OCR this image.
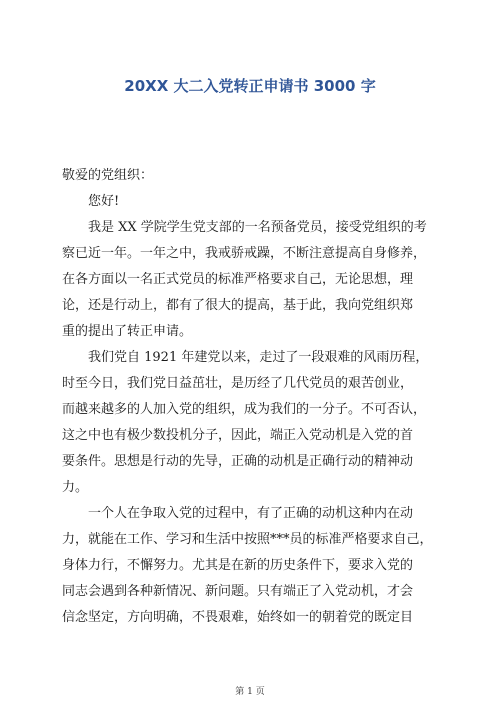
20XX 大二入党转正申请书 3000 字
敬爱的党组织：
您好!
我是 XX 学院学生党支部的一名预备党员，接受党组织的考
察已近一年。一年之中，我戒骄戒躁，不断注意提高自身修养，
在各方面以一名正式党员的标准严格要求自己，无论思想，理
论，还是行动上，都有了很大的提高，基于此，我向党组织郑
重的提出了转正申请。
我们党自 1921 年建党以来，走过了一段艰难的风雨历程，
时至今日，我们党日益茁壮，是历经了几代党员的艰苦创业，
而越来越多的人加入党的组织，成为我们的一分子。不可否认，
这之中也有极少数投机分子，因此，端正入党动机是入党的首
要条件。思想是行动的先导，正确的动机是正确行动的精神动
力。
一个人在争取入党的过程中，有了正确的动机这种内在动
力，就能在工作、学习和生活中按照***员的标准严格要求自己，
身体力行，不懈努力。尤其是在新的历史条件下，要求入党的
同志会遇到各种新情况、新问题。只有端正了入党动机，才会
信念坚定，方向明确，不畏艰难，始终如一的朝着党的既定目
第 1 页
